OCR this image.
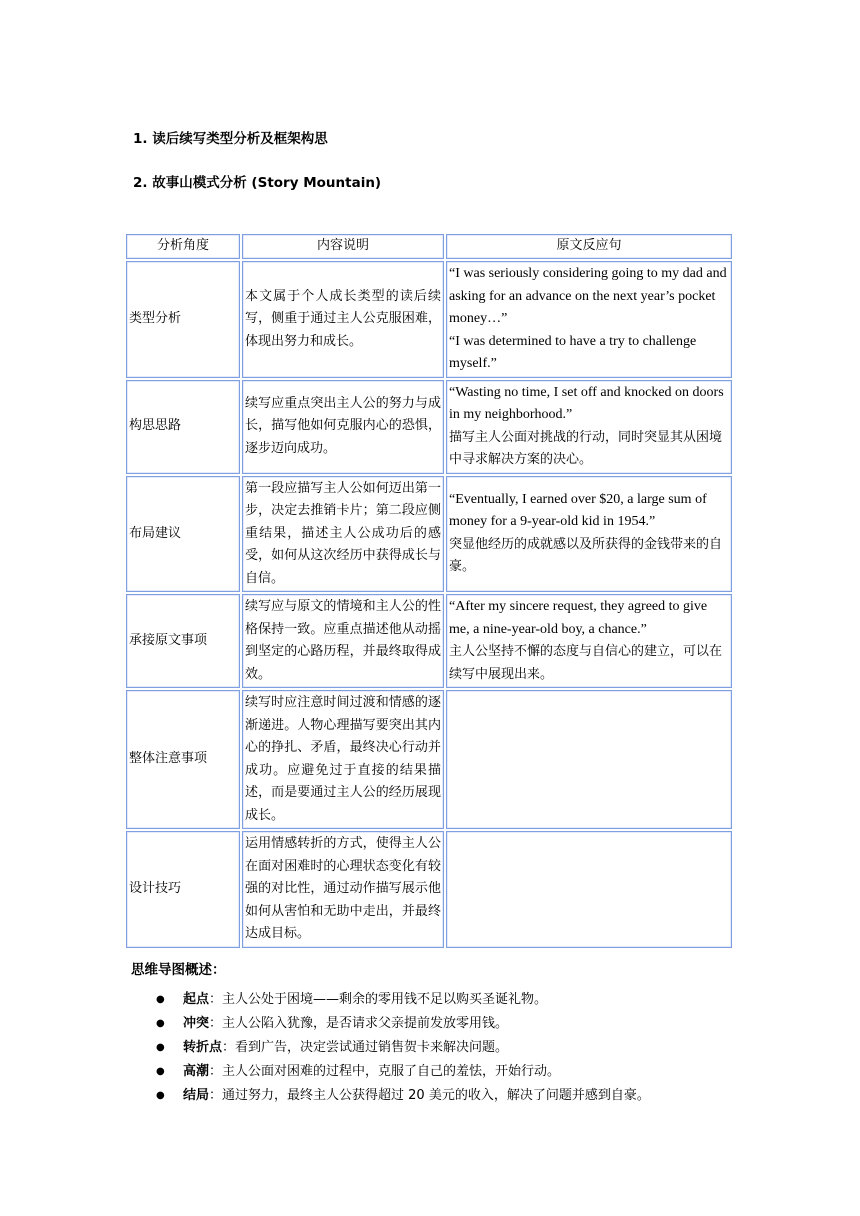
1. 读后续写类型分析及框架构思
2. 故事山模式分析 (Story Mountain)
分析角度	内容说明	原文反应句
类型分析	本文属于个人成长类型的读后续写，侧重于通过主人公克服困难，体现出努力和成长。	“I was seriously considering going to my dad and asking for an advance on the next year’s pocket money…”
“I was determined to have a try to challenge myself.”

构思思路	续写应重点突出主人公的努力与成长，描写他如何克服内心的恐惧，逐步迈向成功。	“Wasting no time, I set off and knocked on doors in my neighborhood.”
描写主人公面对挑战的行动，同时突显其从困境中寻求解决方案的决心。

布局建议	第一段应描写主人公如何迈出第一步，决定去推销卡片；第二段应侧重结果，描述主人公成功后的感受，如何从这次经历中获得成长与自信。	“Eventually, I earned over $20, a large sum of money for a 9-year-old kid in 1954.”
突显他经历的成就感以及所获得的金钱带来的自豪。

承接原文事项	续写应与原文的情境和主人公的性格保持一致。应重点描述他从动摇到坚定的心路历程，并最终取得成效。	“After my sincere request, they agreed to give me, a nine-year-old boy, a chance.”
主人公坚持不懈的态度与自信心的建立，可以在续写中展现出来。

整体注意事项	续写时应注意时间过渡和情感的逐渐递进。人物心理描写要突出其内心的挣扎、矛盾，最终决心行动并成功。应避免过于直接的结果描述，而是要通过主人公的经历展现成长。	
设计技巧	运用情感转折的方式，使得主人公在面对困难时的心理状态变化有较强的对比性，通过动作描写展示他如何从害怕和无助中走出，并最终达成目标。	
思维导图概述：
● 起点：主人公处于困境——剩余的零用钱不足以购买圣诞礼物。
● 冲突：主人公陷入犹豫，是否请求父亲提前发放零用钱。
● 转折点：看到广告，决定尝试通过销售贺卡来解决问题。
● 高潮：主人公面对困难的过程中，克服了自己的羞怯，开始行动。
● 结局：通过努力，最终主人公获得超过 20 美元的收入，解决了问题并感到自豪。
